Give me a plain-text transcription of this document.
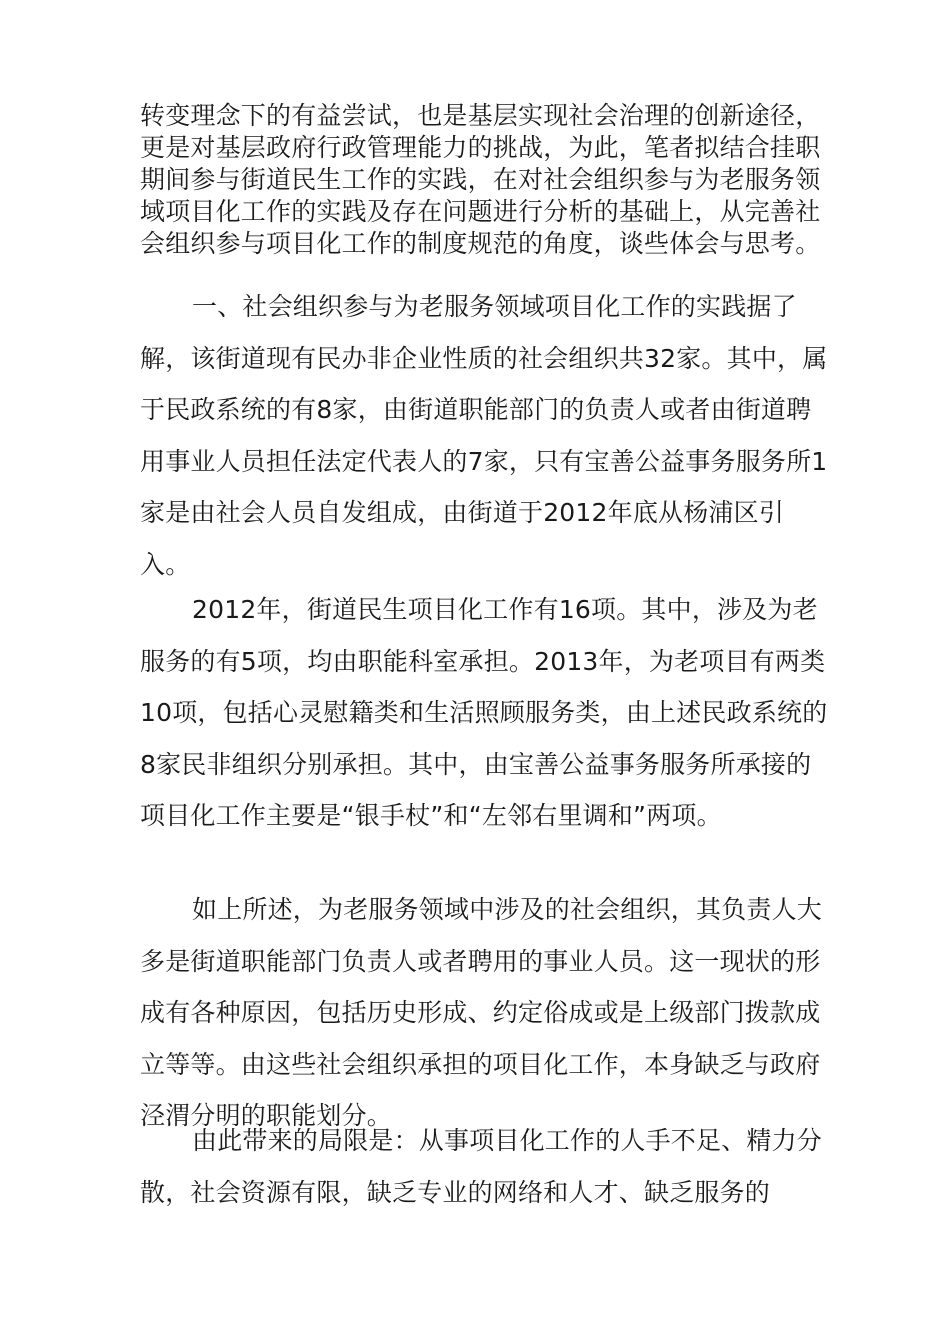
转变理念下的有益尝试，也是基层实现社会治理的创新途径，更是对基层政府行政管理能力的挑战，为此，笔者拟结合挂职期间参与街道民生工作的实践，在对社会组织参与为老服务领域项目化工作的实践及存在问题进行分析的基础上，从完善社会组织参与项目化工作的制度规范的角度，谈些体会与思考。

一、社会组织参与为老服务领域项目化工作的实践据了解，该街道现有民办非企业性质的社会组织共32家。其中，属于民政系统的有8家，由街道职能部门的负责人或者由街道聘用事业人员担任法定代表人的7家，只有宝善公益事务服务所1家是由社会人员自发组成，由街道于2012年底从杨浦区引入。

2012年，街道民生项目化工作有16项。其中，涉及为老服务的有5项，均由职能科室承担。2013年，为老项目有两类10项，包括心灵慰籍类和生活照顾服务类，由上述民政系统的8家民非组织分别承担。其中，由宝善公益事务服务所承接的项目化工作主要是“银手杖”和“左邻右里调和”两项。

如上所述，为老服务领域中涉及的社会组织，其负责人大多是街道职能部门负责人或者聘用的事业人员。这一现状的形成有各种原因，包括历史形成、约定俗成或是上级部门拨款成立等等。由这些社会组织承担的项目化工作，本身缺乏与政府泾渭分明的职能划分。

由此带来的局限是：从事项目化工作的人手不足、精力分散，社会资源有限，缺乏专业的网络和人才、缺乏服务的
